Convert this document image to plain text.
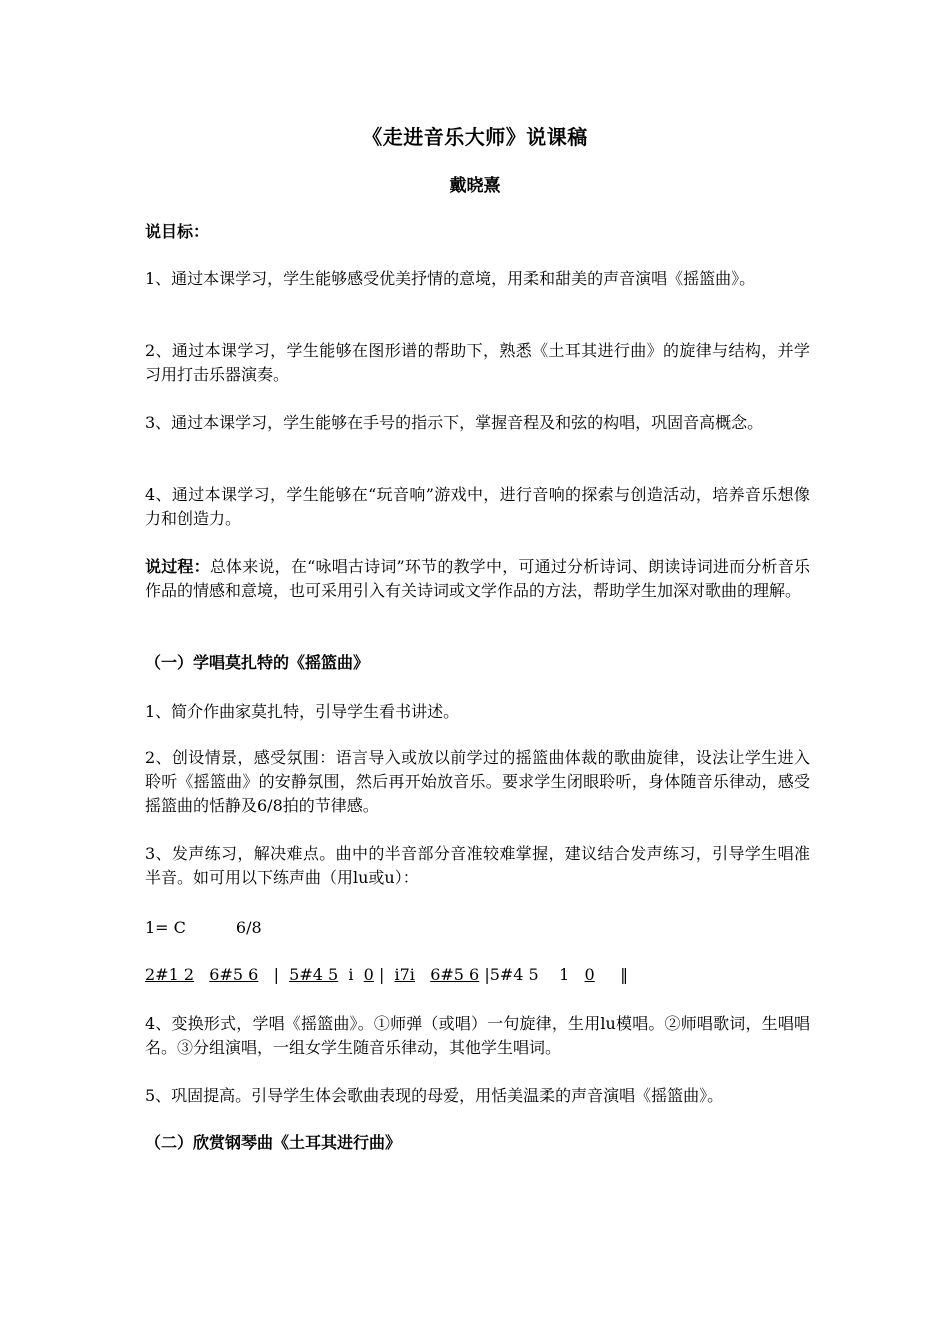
《走进音乐大师》说课稿
戴晓熹
说目标：

1、通过本课学习，学生能够感受优美抒情的意境，用柔和甜美的声音演唱《摇篮曲》。

2、通过本课学习，学生能够在图形谱的帮助下，熟悉《土耳其进行曲》的旋律与结构，并学习用打击乐器演奏。

3、通过本课学习，学生能够在手号的指示下，掌握音程及和弦的构唱，巩固音高概念。

4、通过本课学习，学生能够在“玩音响”游戏中，进行音响的探索与创造活动，培养音乐想像力和创造力。

说过程：总体来说，在“咏唱古诗词”环节的教学中，可通过分析诗词、朗读诗词进而分析音乐作品的情感和意境，也可采用引入有关诗词或文学作品的方法，帮助学生加深对歌曲的理解。

（一）学唱莫扎特的《摇篮曲》

1、简介作曲家莫扎特，引导学生看书讲述。

2、创设情景，感受氛围：语言导入或放以前学过的摇篮曲体裁的歌曲旋律，设法让学生进入聆听《摇篮曲》的安静氛围，然后再开始放音乐。要求学生闭眼聆听，身体随音乐律动，感受摇篮曲的恬静及6/8拍的节律感。

3、发声练习，解决难点。曲中的半音部分音准较难掌握，建议结合发声练习，引导学生唱准半音。如可用以下练声曲（用lu或u）：

1= C	6/8
2#1 2 6#5 6 | 5#4 5 i 0 | i7i 6#5 6 |5#4 5 1 0 ‖

4、变换形式，学唱《摇篮曲》。①师弹（或唱）一句旋律，生用lu模唱。②师唱歌词，生唱唱名。③分组演唱，一组女学生随音乐律动，其他学生唱词。

5、巩固提高。引导学生体会歌曲表现的母爱，用恬美温柔的声音演唱《摇篮曲》。

（二）欣赏钢琴曲《土耳其进行曲》
